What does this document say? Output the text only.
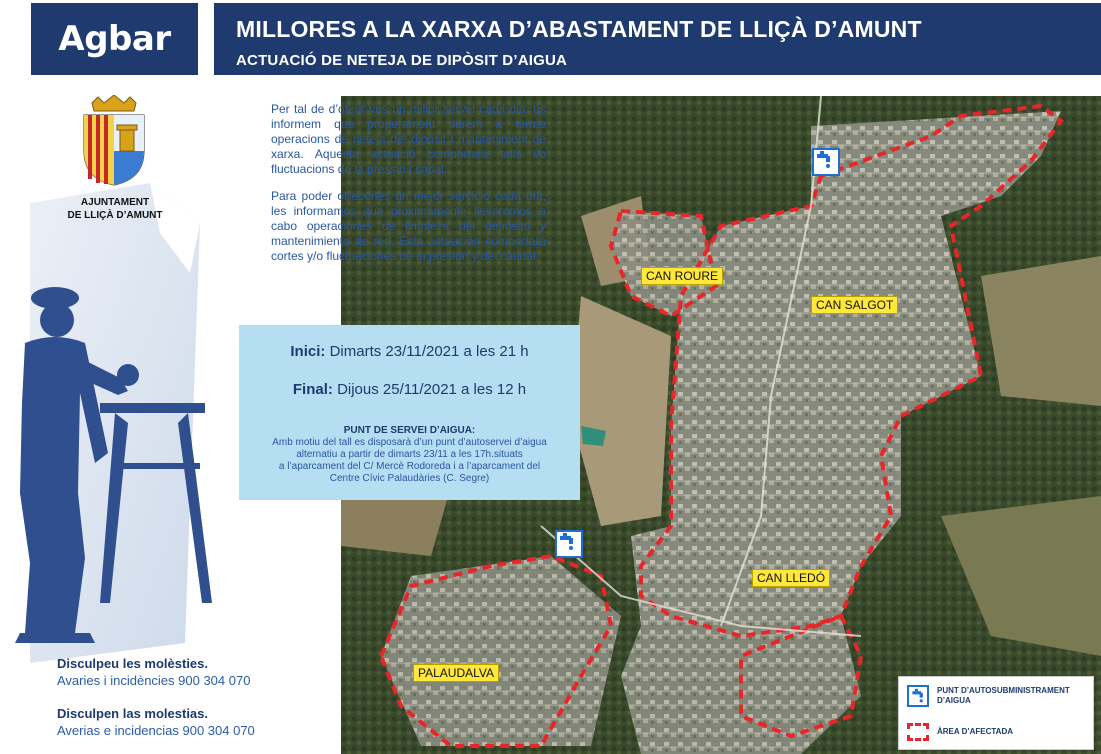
Agbar	MILLORES A LA XARXA D’ABASTAMENT DE LLIÇÀ D’AMUNT
ACTUACIÓ DE NETEJA DE DIPÒSIT D’AIGUA
AJUNTAMENT
DE LLIÇÀ D’AMUNT
Disculpeu les molèsties.
Avaries i incidències 900 304 070
Disculpen las molestias.
Averias e incidencias 900 304 070
CAN ROURE
CAN SALGOT
CAN LLEDÓ
PALAUDALVA

Per tal de d’oferir-vos un millor servei cada dia, us informem que properament durem a terme operacions de neteja del dipòsit i manteniment de xarxa. Aquesta actuació comportarà talls i/o fluctuacions de la pressió i cabal.

Para poder ofrecerles un mejor servicio cada día, les informamos que próximamente llevaremos a cabo operaciones de limpieza del depósito y mantenimiento de red. Esta actuación comportará cortes y/o fluctuaciones de la presión y del caudal.

Inici: Dimarts 23/11/2021 a les 21 h
Final: Dijous 25/11/2021 a les 12 h
PUNT DE SERVEI D’AIGUA:
Amb motiu del tall es disposarà d’un punt d’autoservei d’aigua
alternatiu a partir de dimarts 23/11 a les 17h.situats
a l’aparcament del C/ Mercè Rodoreda i a l’aparcament del
Centre Cívic Palaudàries (C. Segre)
PUNT D’AUTOSUBMINISTRAMENT
D’AIGUA
ÀREA D’AFECTADA
